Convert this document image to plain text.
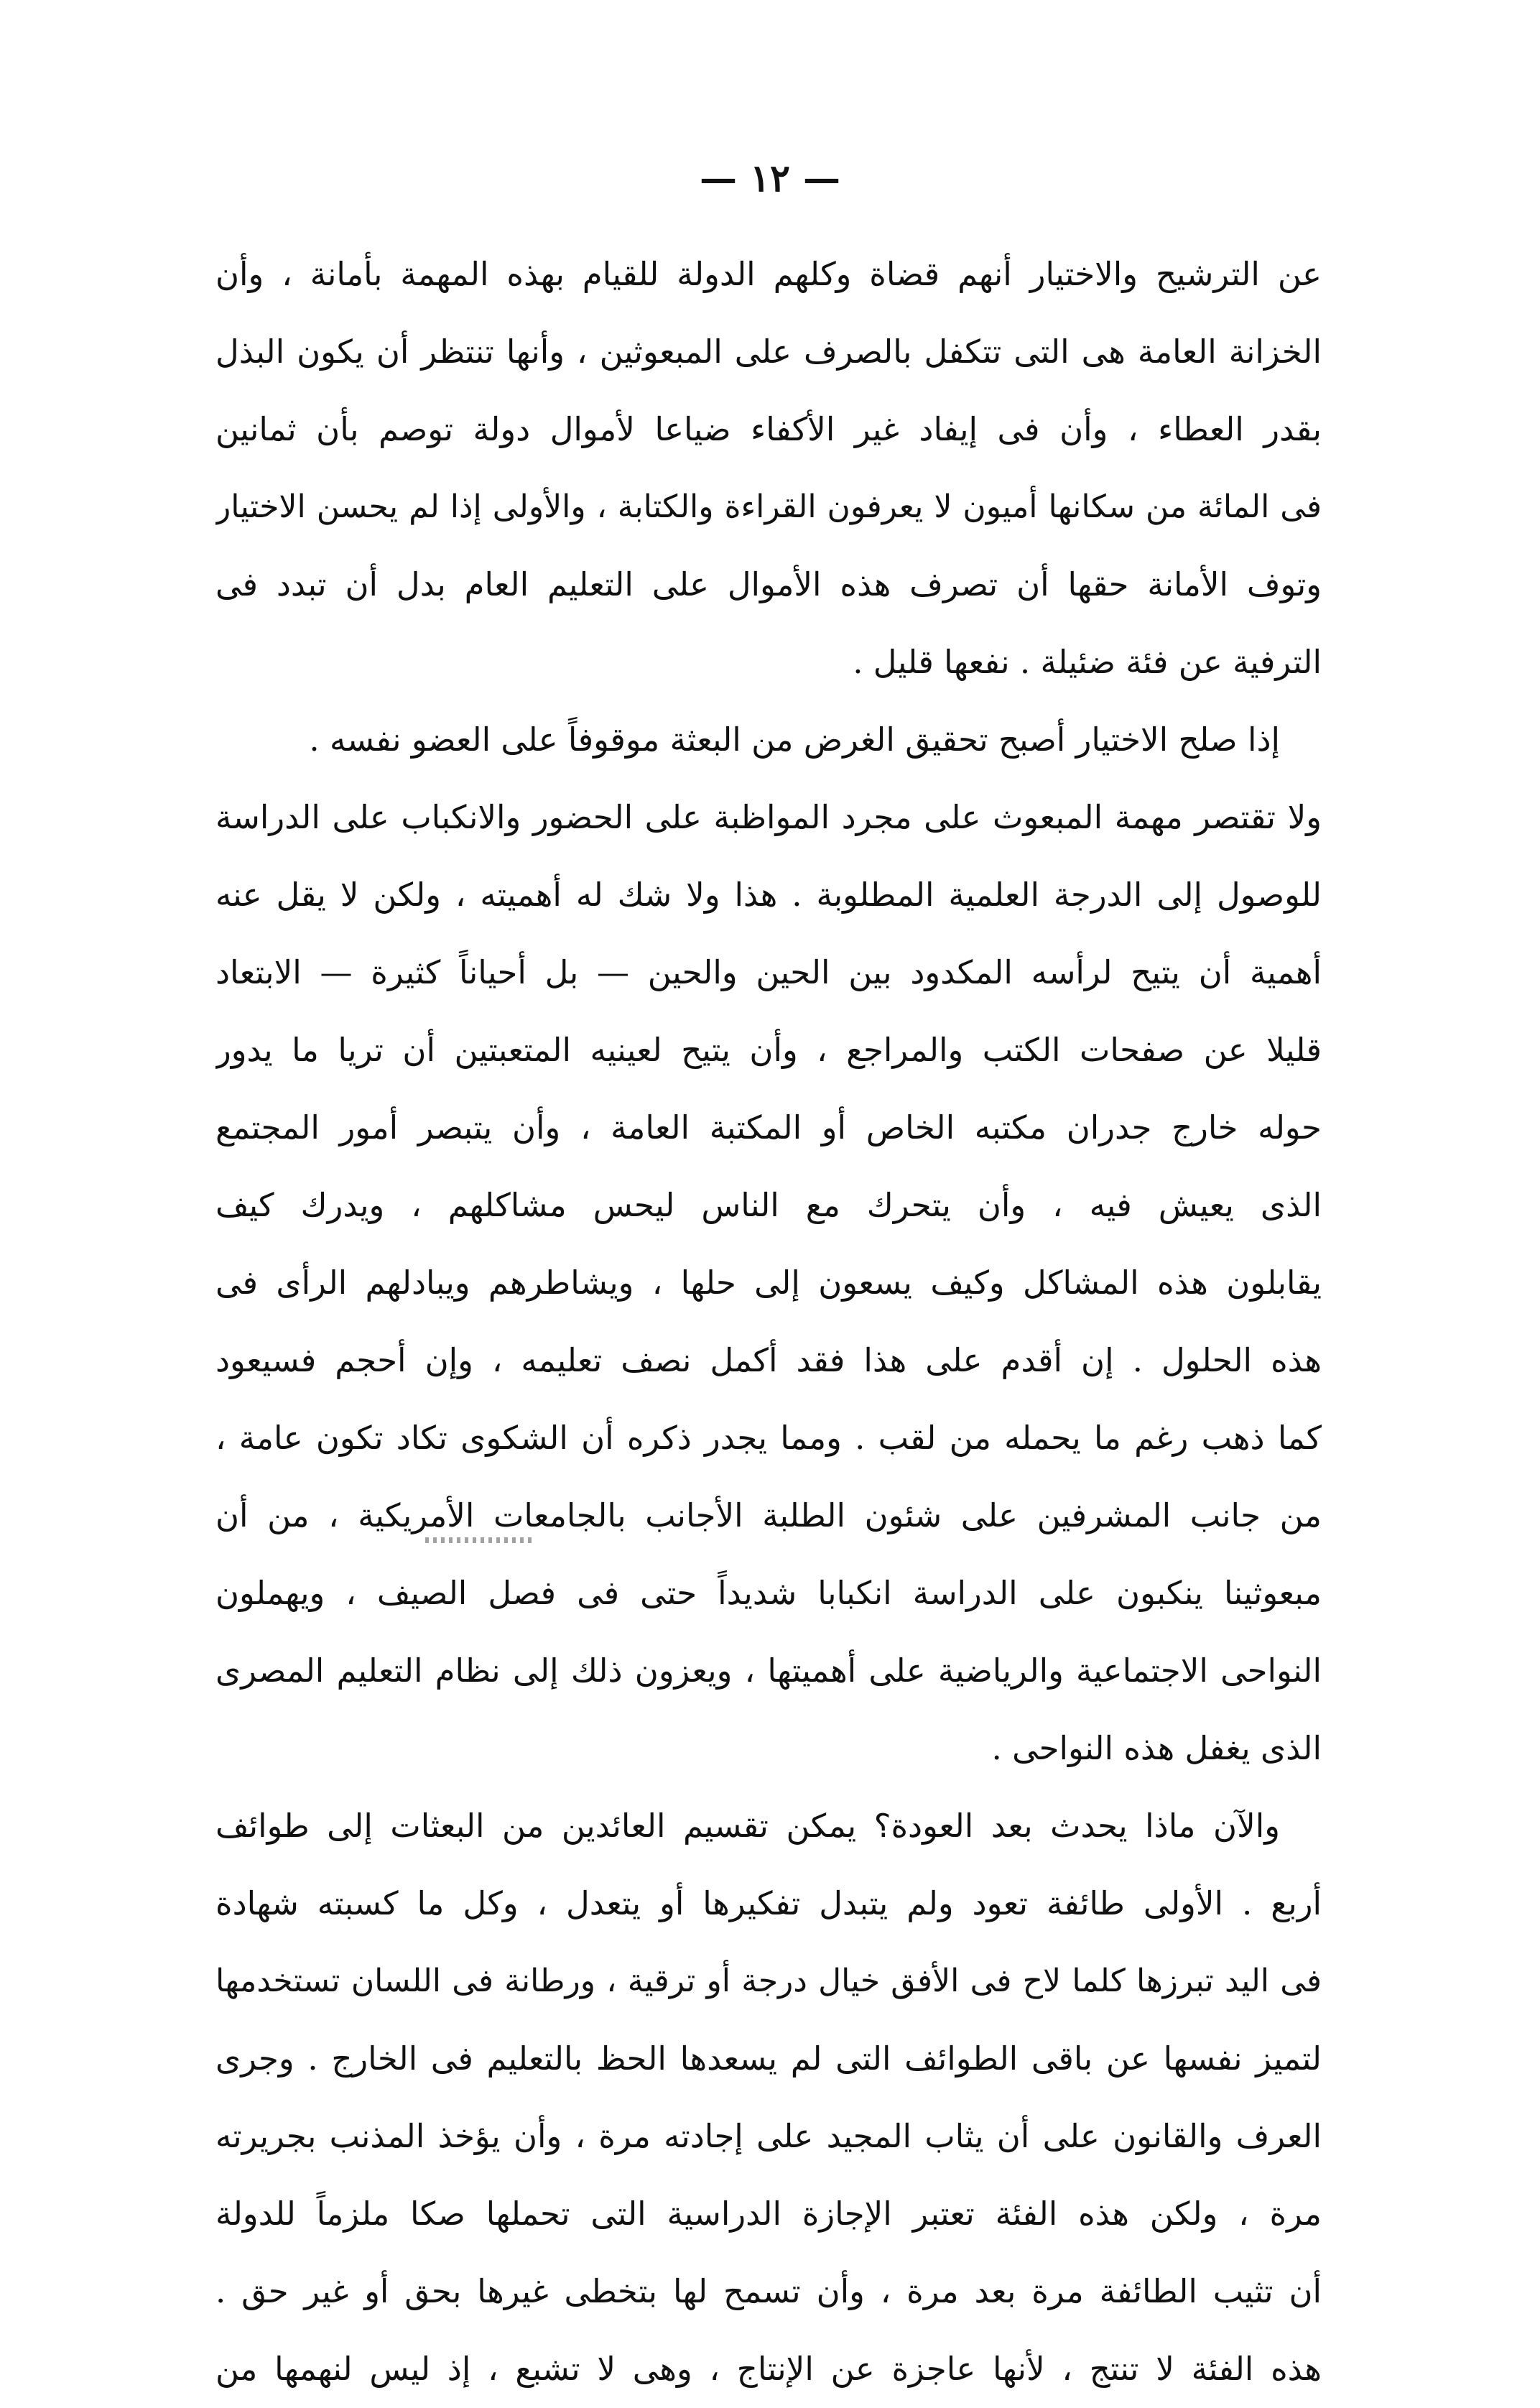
— ١٢ —
عن الترشيح والاختيار أنهم قضاة وكلهم الدولة للقيام بهذه المهمة بأمانة ، وأن
الخزانة العامة هى التى تتكفل بالصرف على المبعوثين ، وأنها تنتظر أن يكون البذل
بقدر العطاء ، وأن فى إيفاد غير الأكفاء ضياعا لأموال دولة توصم بأن ثمانين
فى المائة من سكانها أميون لا يعرفون القراءة والكتابة ، والأولى إذا لم يحسن الاختيار
وتوف الأمانة حقها أن تصرف هذه الأموال على التعليم العام بدل أن تبدد فى
الترفية عن فئة ضئيلة . نفعها قليل .
إذا صلح الاختيار أصبح تحقيق الغرض من البعثة موقوفاً على العضو نفسه .
ولا تقتصر مهمة المبعوث على مجرد المواظبة على الحضور والانكباب على الدراسة
للوصول إلى الدرجة العلمية المطلوبة . هذا ولا شك له أهميته ، ولكن لا يقل عنه
أهمية أن يتيح لرأسه المكدود بين الحين والحين — بل أحياناً كثيرة — الابتعاد
قليلا عن صفحات الكتب والمراجع ، وأن يتيح لعينيه المتعبتين أن تريا ما يدور
حوله خارج جدران مكتبه الخاص أو المكتبة العامة ، وأن يتبصر أمور المجتمع
الذى يعيش فيه ، وأن يتحرك مع الناس ليحس مشاكلهم ، ويدرك كيف
يقابلون هذه المشاكل وكيف يسعون إلى حلها ، ويشاطرهم ويبادلهم الرأى فى
هذه الحلول . إن أقدم على هذا فقد أكمل نصف تعليمه ، وإن أحجم فسيعود
كما ذهب رغم ما يحمله من لقب . ومما يجدر ذكره أن الشكوى تكاد تكون عامة ،
من جانب المشرفين على شئون الطلبة الأجانب بالجامعات الأمريكية ، من أن
مبعوثينا ينكبون على الدراسة انكبابا شديداً حتى فى فصل الصيف ، ويهملون
النواحى الاجتماعية والرياضية على أهميتها ، ويعزون ذلك إلى نظام التعليم المصرى
الذى يغفل هذه النواحى .
والآن ماذا يحدث بعد العودة؟ يمكن تقسيم العائدين من البعثات إلى طوائف
أربع . الأولى طائفة تعود ولم يتبدل تفكيرها أو يتعدل ، وكل ما كسبته شهادة
فى اليد تبرزها كلما لاح فى الأفق خيال درجة أو ترقية ، ورطانة فى اللسان تستخدمها
لتميز نفسها عن باقى الطوائف التى لم يسعدها الحظ بالتعليم فى الخارج . وجرى
العرف والقانون على أن يثاب المجيد على إجادته مرة ، وأن يؤخذ المذنب بجريرته
مرة ، ولكن هذه الفئة تعتبر الإجازة الدراسية التى تحملها صكا ملزماً للدولة
أن تثيب الطائفة مرة بعد مرة ، وأن تسمح لها بتخطى غيرها بحق أو غير حق .
هذه الفئة لا تنتج ، لأنها عاجزة عن الإنتاج ، وهى لا تشبع ، إذ ليس لنهمها من
